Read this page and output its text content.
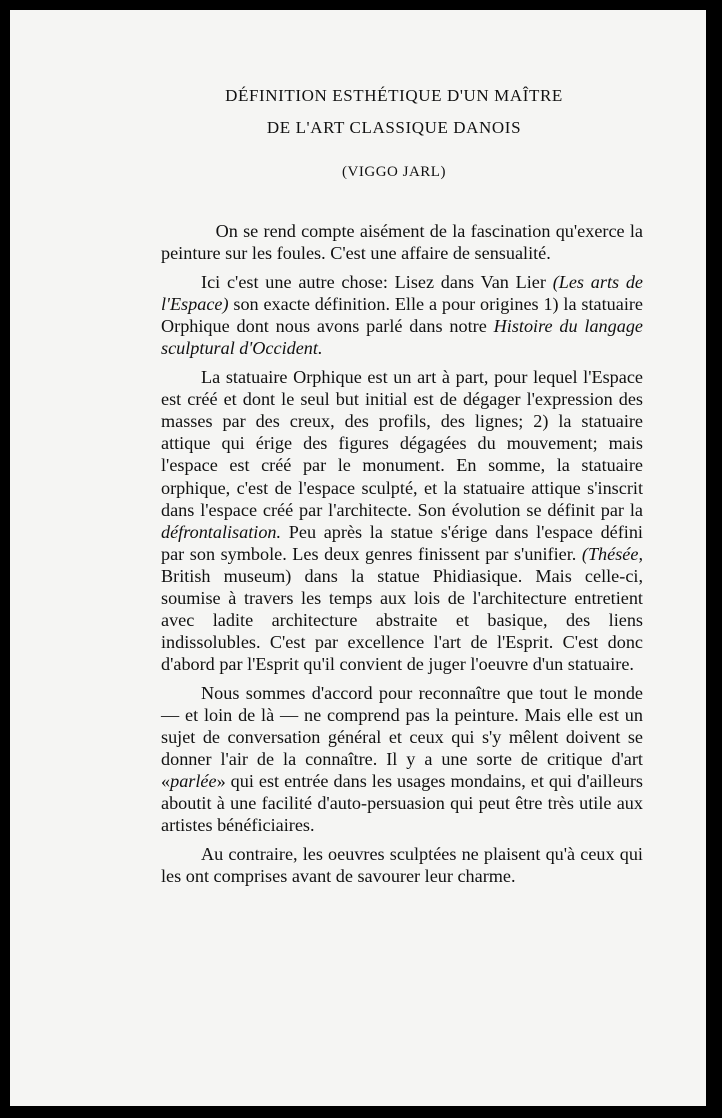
DÉFINITION ESTHÉTIQUE D'UN MAÎTRE
DE L'ART CLASSIQUE DANOIS
(VIGGO JARL)

On se rend compte aisément de la fascination qu'exerce la peinture sur les foules. C'est une affaire de sensualité.

Ici c'est une autre chose: Lisez dans Van Lier (Les arts de l'Espace) son exacte définition. Elle a pour origines 1) la statuaire Orphique dont nous avons parlé dans notre Histoire du langage sculptural d'Occident.

La statuaire Orphique est un art à part, pour lequel l'Espace est créé et dont le seul but initial est de dégager l'expression des masses par des creux, des profils, des lignes; 2) la statuaire attique qui érige des figures dégagées du mouvement; mais l'espace est créé par le monument. En somme, la statuaire orphique, c'est de l'espace sculpté, et la statuaire attique s'inscrit dans l'espace créé par l'architecte. Son évolution se définit par la défrontalisation. Peu après la statue s'érige dans l'espace défini par son symbole. Les deux genres finissent par s'unifier. (Thésée, British museum) dans la statue Phidiasique. Mais celle-ci, soumise à travers les temps aux lois de l'architecture entretient avec ladite architecture abstraite et basique, des liens indissolubles. C'est par excellence l'art de l'Esprit. C'est donc d'abord par l'Esprit qu'il convient de juger l'oeuvre d'un statuaire.

Nous sommes d'accord pour reconnaître que tout le monde — et loin de là — ne comprend pas la peinture. Mais elle est un sujet de conversation général et ceux qui s'y mêlent doivent se donner l'air de la connaître. Il y a une sorte de critique d'art «parlée» qui est entrée dans les usages mondains, et qui d'ailleurs aboutit à une facilité d'auto-persuasion qui peut être très utile aux artistes bénéficiaires.

Au contraire, les oeuvres sculptées ne plaisent qu'à ceux qui les ont comprises avant de savourer leur charme.
